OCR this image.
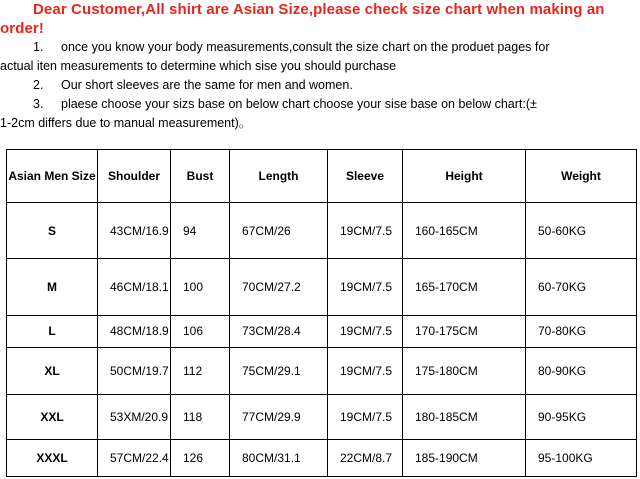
Dear Customer,All shirt are Asian Size,please check size chart when making an

order!

1. once you know your body measurements,consult the size chart on the produet pages for

actual iten measurements to determine which sise you should purchase

2. Our short sleeves are the same for men and women.

3. plaese choose your sizs base on below chart choose your sise base on below chart:(±

1-2cm differs due to manual measurement)。

Asian Men Size	Shoulder	Bust	Length	Sleeve	Height	Weight
S	43CM/16.9	94	67CM/26	19CM/7.5	160-165CM	50-60KG
M	46CM/18.1	100	70CM/27.2	19CM/7.5	165-170CM	60-70KG
L	48CM/18.9	106	73CM/28.4	19CM/7.5	170-175CM	70-80KG
XL	50CM/19.7	112	75CM/29.1	19CM/7.5	175-180CM	80-90KG
XXL	53XM/20.9	118	77CM/29.9	19CM/7.5	180-185CM	90-95KG
XXXL	57CM/22.4	126	80CM/31.1	22CM/8.7	185-190CM	95-100KG
